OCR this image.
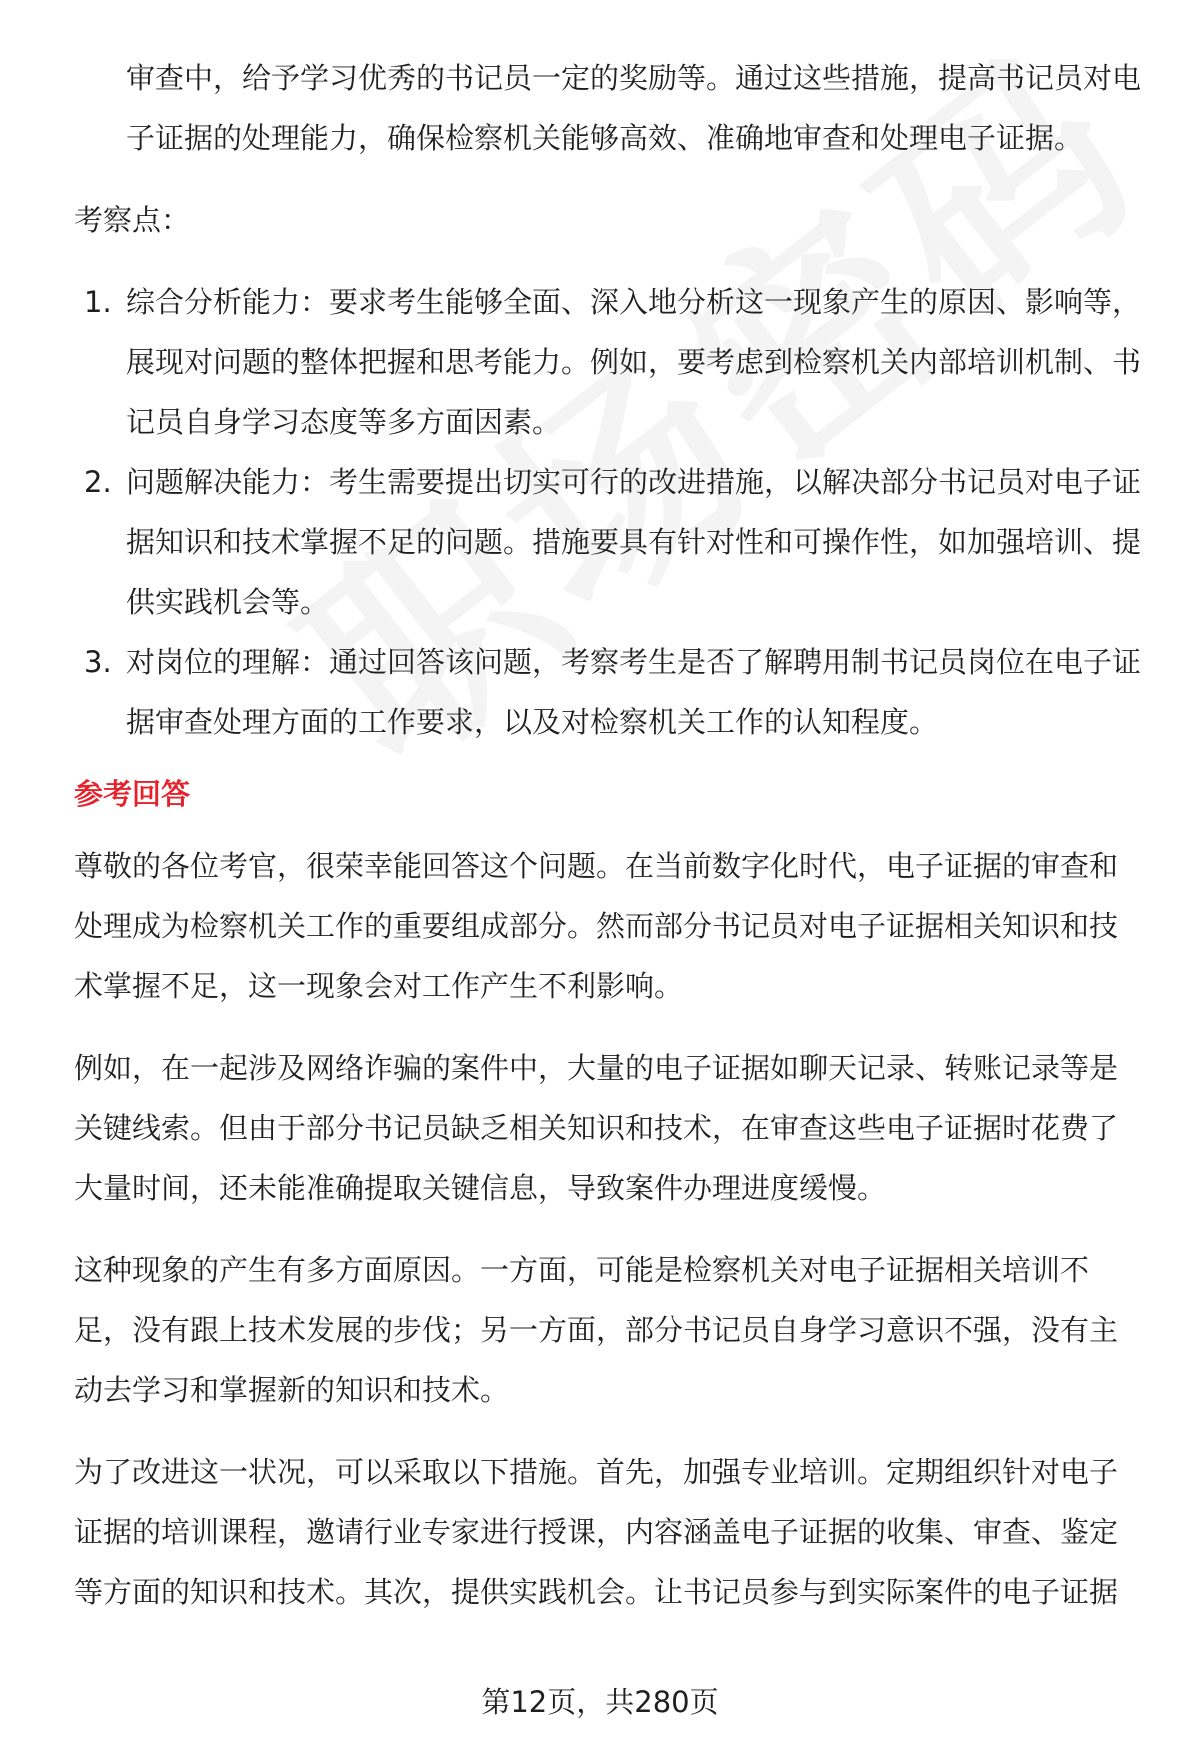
审查中，给予学习优秀的书记员一定的奖励等。通过这些措施，提高书记员对电子证据的处理能力，确保检察机关能够高效、准确地审查和处理电子证据。

考察点：

1. 综合分析能力：要求考生能够全面、深入地分析这一现象产生的原因、影响等，展现对问题的整体把握和思考能力。例如，要考虑到检察机关内部培训机制、书记员自身学习态度等多方面因素。
2. 问题解决能力：考生需要提出切实可行的改进措施，以解决部分书记员对电子证据知识和技术掌握不足的问题。措施要具有针对性和可操作性，如加强培训、提供实践机会等。
3. 对岗位的理解：通过回答该问题，考察考生是否了解聘用制书记员岗位在电子证据审查处理方面的工作要求，以及对检察机关工作的认知程度。
参考回答

尊敬的各位考官，很荣幸能回答这个问题。在当前数字化时代，电子证据的审查和处理成为检察机关工作的重要组成部分。然而部分书记员对电子证据相关知识和技术掌握不足，这一现象会对工作产生不利影响。

例如，在一起涉及网络诈骗的案件中，大量的电子证据如聊天记录、转账记录等是关键线索。但由于部分书记员缺乏相关知识和技术，在审查这些电子证据时花费了大量时间，还未能准确提取关键信息，导致案件办理进度缓慢。

这种现象的产生有多方面原因。一方面，可能是检察机关对电子证据相关培训不足，没有跟上技术发展的步伐；另一方面，部分书记员自身学习意识不强，没有主动去学习和掌握新的知识和技术。

为了改进这一状况，可以采取以下措施。首先，加强专业培训。定期组织针对电子证据的培训课程，邀请行业专家进行授课，内容涵盖电子证据的收集、审查、鉴定等方面的知识和技术。其次，提供实践机会。让书记员参与到实际案件的电子证据

第12页，共280页
